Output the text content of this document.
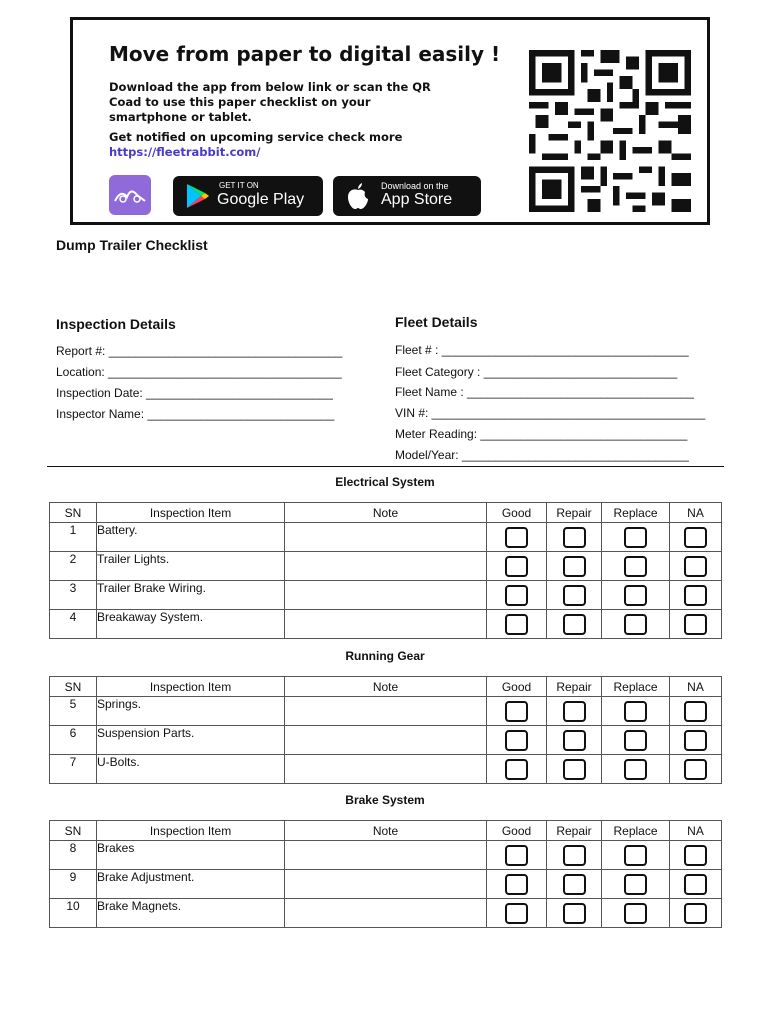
Move from paper to digital easily !
Download the app from below link or scan the QR Coad to use this paper checklist on your smartphone or tablet.
Get notified on upcoming service check more
https://fleetrabbit.com/
GET IT ON
Google Play
Download on the
App Store
Dump Trailer Checklist
Inspection Details	Fleet Details
Report #: ___________________________________
Location: ___________________________________
Inspection Date: ____________________________
Inspector Name: ____________________________
Fleet # : _____________________________________
Fleet Category : _____________________________
Fleet Name : __________________________________
VIN #: _________________________________________
Meter Reading: _______________________________
Model/Year: __________________________________
Electrical System
SN	Inspection Item	Note	Good	Repair	Replace	NA
1	Battery.					
2	Trailer Lights.					
3	Trailer Brake Wiring.					
4	Breakaway System.					
Running Gear
SN	Inspection Item	Note	Good	Repair	Replace	NA
5	Springs.					
6	Suspension Parts.					
7	U-Bolts.					
Brake System
SN	Inspection Item	Note	Good	Repair	Replace	NA
8	Brakes					
9	Brake Adjustment.					
10	Brake Magnets.					
